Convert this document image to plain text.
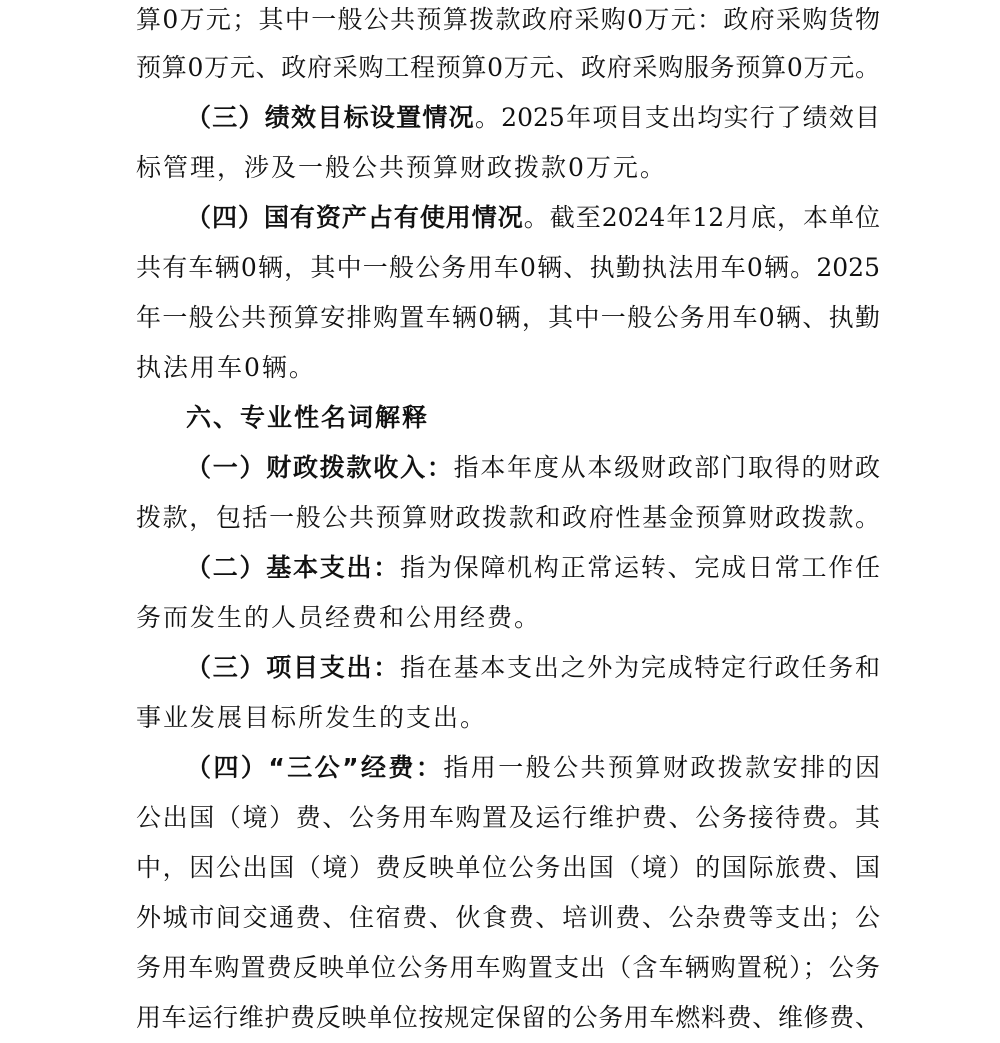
算0万元；其中一般公共预算拨款政府采购0万元：政府采购货物
预算0万元、政府采购工程预算0万元、政府采购服务预算0万元。
（三）绩效目标设置情况。2025年项目支出均实行了绩效目
标管理，涉及一般公共预算财政拨款0万元。
（四）国有资产占有使用情况。截至2024年12月底，本单位
共有车辆0辆，其中一般公务用车0辆、执勤执法用车0辆。2025
年一般公共预算安排购置车辆0辆，其中一般公务用车0辆、执勤
执法用车0辆。
六、专业性名词解释
（一）财政拨款收入：指本年度从本级财政部门取得的财政
拨款，包括一般公共预算财政拨款和政府性基金预算财政拨款。
（二）基本支出：指为保障机构正常运转、完成日常工作任
务而发生的人员经费和公用经费。
（三）项目支出：指在基本支出之外为完成特定行政任务和
事业发展目标所发生的支出。
（四）“三公”经费：指用一般公共预算财政拨款安排的因
公出国（境）费、公务用车购置及运行维护费、公务接待费。其
中，因公出国（境）费反映单位公务出国（境）的国际旅费、国
外城市间交通费、住宿费、伙食费、培训费、公杂费等支出；公
务用车购置费反映单位公务用车购置支出（含车辆购置税）；公务
用车运行维护费反映单位按规定保留的公务用车燃料费、维修费、
